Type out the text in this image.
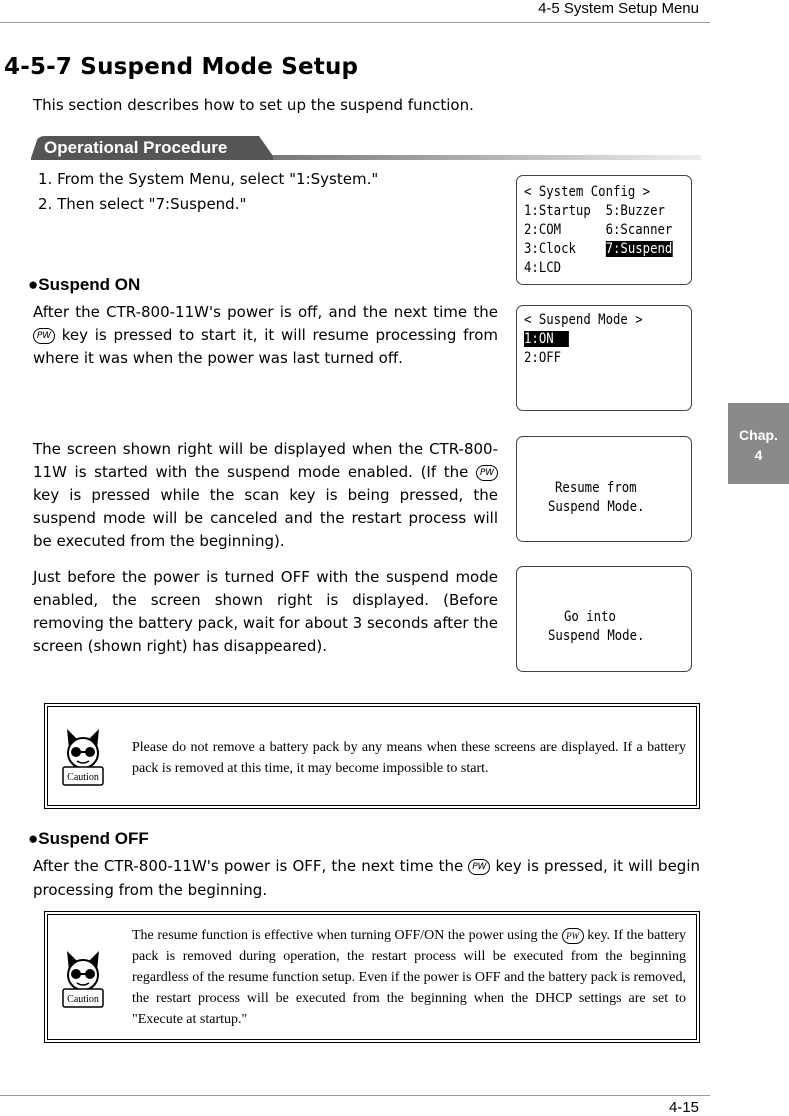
4-5 System Setup Menu
4-5-7 Suspend Mode Setup
This section describes how to set up the suspend function.
Operational Procedure
1. From the System Menu, select "1:System."
2. Then select "7:Suspend."
< System Config >
1:Startup  5:Buzzer
2:COM      6:Scanner
3:Clock    7:Suspend
4:LCD
●Suspend ON
After the CTR-800-11W's power is off, and the next time the PW key is pressed to start it, it will resume processing from where it was when the power was last turned off.
< Suspend Mode >
1:ON
2:OFF
The screen shown right will be displayed when the CTR-800-11W is started with the suspend mode enabled. (If the PW key is pressed while the scan key is being pressed, the suspend mode will be canceled and the restart process will be executed from the beginning).
Resume from
Suspend Mode.
Just before the power is turned OFF with the suspend mode enabled, the screen shown right is displayed. (Before removing the battery pack, wait for about 3 seconds after the screen (shown right) has disappeared).
Go into
Suspend Mode.
Caution
Please do not remove a battery pack by any means when these screens are displayed. If a battery pack is removed at this time, it may become impossible to start.
●Suspend OFF
After the CTR-800-11W's power is OFF, the next time the PW key is pressed, it will begin processing from the beginning.
Caution
The resume function is effective when turning OFF/ON the power using the PW key. If the battery pack is removed during operation, the restart process will be executed from the beginning regardless of the resume function setup. Even if the power is OFF and the battery pack is removed, the restart process will be executed from the beginning when the DHCP settings are set to "Execute at startup."
Chap.
4
4-15
